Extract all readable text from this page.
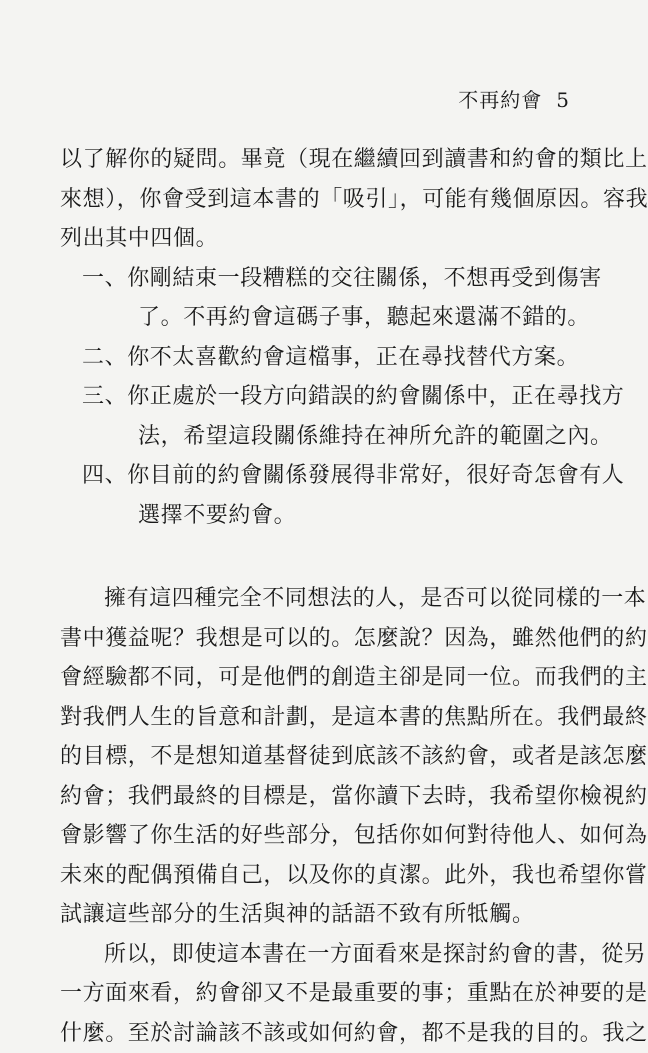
不再約會 5
以了解你的疑問。畢竟（現在繼續回到讀書和約會的類比上
來想），你會受到這本書的「吸引」，可能有幾個原因。容我
列出其中四個。
一、你剛結束一段糟糕的交往關係，不想再受到傷害
了。不再約會這碼子事，聽起來還滿不錯的。
二、你不太喜歡約會這檔事，正在尋找替代方案。
三、你正處於一段方向錯誤的約會關係中，正在尋找方
法，希望這段關係維持在神所允許的範圍之內。
四、你目前的約會關係發展得非常好，很好奇怎會有人
選擇不要約會。
擁有這四種完全不同想法的人，是否可以從同樣的一本
書中獲益呢？我想是可以的。怎麼說？因為，雖然他們的約
會經驗都不同，可是他們的創造主卻是同一位。而我們的主
對我們人生的旨意和計劃，是這本書的焦點所在。我們最終
的目標，不是想知道基督徒到底該不該約會，或者是該怎麼
約會；我們最終的目標是，當你讀下去時，我希望你檢視約
會影響了你生活的好些部分，包括你如何對待他人、如何為
未來的配偶預備自己，以及你的貞潔。此外，我也希望你嘗
試讓這些部分的生活與神的話語不致有所牴觸。
所以，即使這本書在一方面看來是探討約會的書，從另
一方面來看，約會卻又不是最重要的事；重點在於神要的是
什麼。至於討論該不該或如何約會，都不是我的目的。我之
